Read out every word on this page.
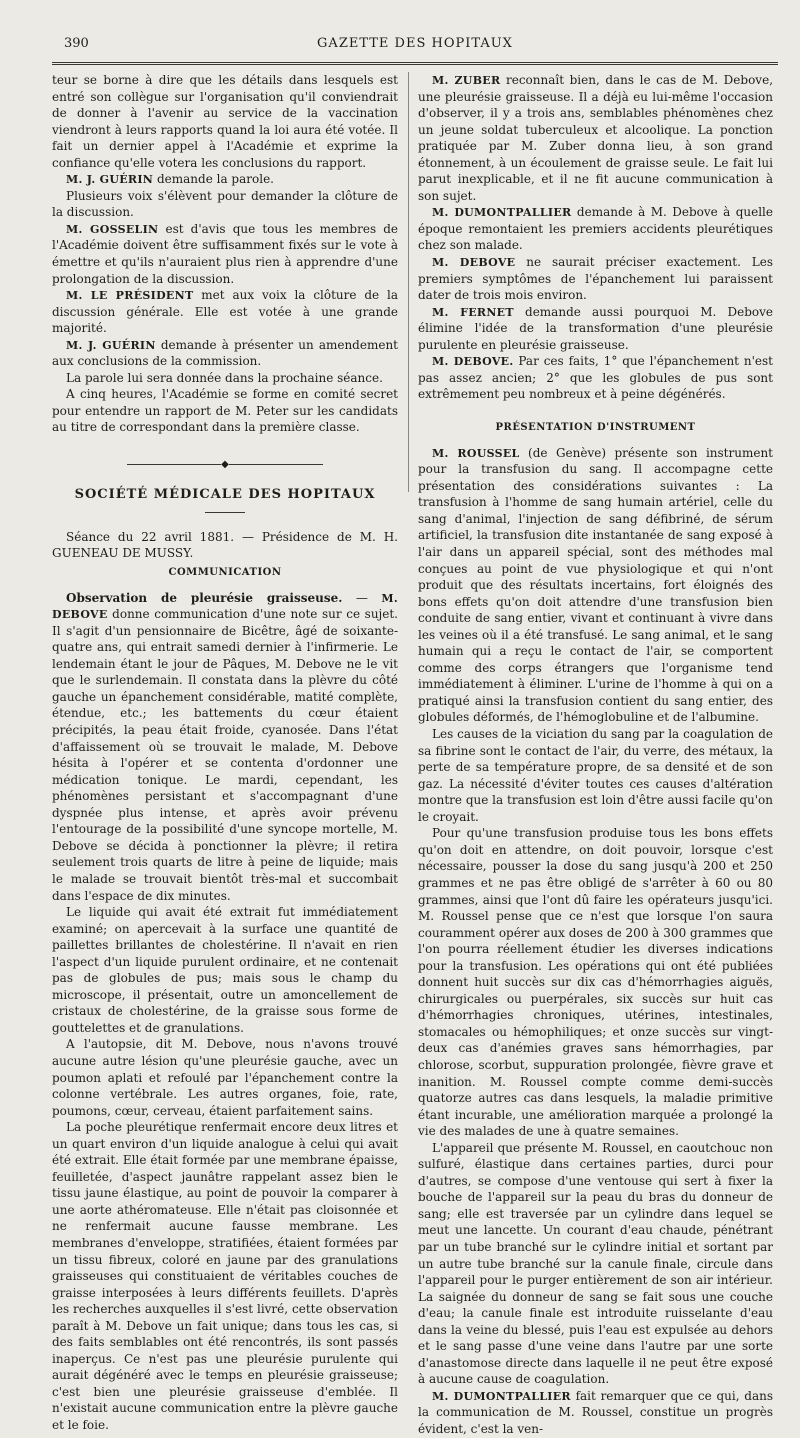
390	GAZETTE DES HOPITAUX

teur se borne à dire que les détails dans lesquels est entré son collègue sur l'organisation qu'il conviendrait de donner à l'avenir au service de la vaccination viendront à leurs rapports quand la loi aura été votée. Il fait un dernier appel à l'Académie et exprime la confiance qu'elle votera les conclusions du rapport.

M. J. GUÉRIN demande la parole.

Plusieurs voix s'élèvent pour demander la clôture de la discussion.

M. GOSSELIN est d'avis que tous les membres de l'Académie doivent être suffisamment fixés sur le vote à émettre et qu'ils n'auraient plus rien à apprendre d'une prolongation de la discussion.

M. LE PRÉSIDENT met aux voix la clôture de la discussion générale. Elle est votée à une grande majorité.

M. J. GUÉRIN demande à présenter un amendement aux conclusions de la commission.

La parole lui sera donnée dans la prochaine séance.

A cinq heures, l'Académie se forme en comité secret pour entendre un rapport de M. Peter sur les candidats au titre de correspondant dans la première classe.

◆
SOCIÉTÉ MÉDICALE DES HOPITAUX

Séance du 22 avril 1881. — Présidence de M. H. GUENEAU DE MUSSY.

COMMUNICATION

Observation de pleurésie graisseuse. — M. DEBOVE donne communication d'une note sur ce sujet. Il s'agit d'un pensionnaire de Bicêtre, âgé de soixante-quatre ans, qui entrait samedi dernier à l'infirmerie. Le lendemain étant le jour de Pâques, M. Debove ne le vit que le surlendemain. Il constata dans la plèvre du côté gauche un épanchement considérable, matité complète, étendue, etc.; les battements du cœur étaient précipités, la peau était froide, cyanosée. Dans l'état d'affaissement où se trouvait le malade, M. Debove hésita à l'opérer et se contenta d'ordonner une médication tonique. Le mardi, cependant, les phénomènes persistant et s'accompagnant d'une dyspnée plus intense, et après avoir prévenu l'entourage de la possibilité d'une syncope mortelle, M. Debove se décida à ponctionner la plèvre; il retira seulement trois quarts de litre à peine de liquide; mais le malade se trouvait bientôt très-mal et succombait dans l'espace de dix minutes.

Le liquide qui avait été extrait fut immédiatement examiné; on apercevait à la surface une quantité de paillettes brillantes de cholestérine. Il n'avait en rien l'aspect d'un liquide purulent ordinaire, et ne contenait pas de globules de pus; mais sous le champ du microscope, il présentait, outre un amoncellement de cristaux de cholestérine, de la graisse sous forme de gouttelettes et de granulations.

A l'autopsie, dit M. Debove, nous n'avons trouvé aucune autre lésion qu'une pleurésie gauche, avec un poumon aplati et refoulé par l'épanchement contre la colonne vertébrale. Les autres organes, foie, rate, poumons, cœur, cerveau, étaient parfaitement sains.

La poche pleurétique renfermait encore deux litres et un quart environ d'un liquide analogue à celui qui avait été extrait. Elle était formée par une membrane épaisse, feuilletée, d'aspect jaunâtre rappelant assez bien le tissu jaune élastique, au point de pouvoir la comparer à une aorte athéromateuse. Elle n'était pas cloisonnée et ne renfermait aucune fausse membrane. Les membranes d'enveloppe, stratifiées, étaient formées par un tissu fibreux, coloré en jaune par des granulations graisseuses qui constituaient de véritables couches de graisse interposées à leurs différents feuillets. D'après les recherches auxquelles il s'est livré, cette observation paraît à M. Debove un fait unique; dans tous les cas, si des faits semblables ont été rencontrés, ils sont passés inaperçus. Ce n'est pas une pleurésie purulente qui aurait dégénéré avec le temps en pleurésie graisseuse; c'est bien une pleurésie graisseuse d'emblée. Il n'existait aucune communication entre la plèvre gauche et le foie.

M. ZUBER reconnaît bien, dans le cas de M. Debove, une pleurésie graisseuse. Il a déjà eu lui-même l'occasion d'observer, il y a trois ans, semblables phénomènes chez un jeune soldat tuberculeux et alcoolique. La ponction pratiquée par M. Zuber donna lieu, à son grand étonnement, à un écoulement de graisse seule. Le fait lui parut inexplicable, et il ne fit aucune communication à son sujet.

M. DUMONTPALLIER demande à M. Debove à quelle époque remontaient les premiers accidents pleurétiques chez son malade.

M. DEBOVE ne saurait préciser exactement. Les premiers symptômes de l'épanchement lui paraissent dater de trois mois environ.

M. FERNET demande aussi pourquoi M. Debove élimine l'idée de la transformation d'une pleurésie purulente en pleurésie graisseuse.

M. DEBOVE. Par ces faits, 1° que l'épanchement n'est pas assez ancien; 2° que les globules de pus sont extrêmement peu nombreux et à peine dégénérés.

PRÉSENTATION D'INSTRUMENT

M. ROUSSEL (de Genève) présente son instrument pour la transfusion du sang. Il accompagne cette présentation des considérations suivantes : La transfusion à l'homme de sang humain artériel, celle du sang d'animal, l'injection de sang défibriné, de sérum artificiel, la transfusion dite instantanée de sang exposé à l'air dans un appareil spécial, sont des méthodes mal conçues au point de vue physiologique et qui n'ont produit que des résultats incertains, fort éloignés des bons effets qu'on doit attendre d'une transfusion bien conduite de sang entier, vivant et continuant à vivre dans les veines où il a été transfusé. Le sang animal, et le sang humain qui a reçu le contact de l'air, se comportent comme des corps étrangers que l'organisme tend immédiatement à éliminer. L'urine de l'homme à qui on a pratiqué ainsi la transfusion contient du sang entier, des globules déformés, de l'hémoglobuline et de l'albumine.

Les causes de la viciation du sang par la coagulation de sa fibrine sont le contact de l'air, du verre, des métaux, la perte de sa température propre, de sa densité et de son gaz. La nécessité d'éviter toutes ces causes d'altération montre que la transfusion est loin d'être aussi facile qu'on le croyait.

Pour qu'une transfusion produise tous les bons effets qu'on doit en attendre, on doit pouvoir, lorsque c'est nécessaire, pousser la dose du sang jusqu'à 200 et 250 grammes et ne pas être obligé de s'arrêter à 60 ou 80 grammes, ainsi que l'ont dû faire les opérateurs jusqu'ici. M. Roussel pense que ce n'est que lorsque l'on saura couramment opérer aux doses de 200 à 300 grammes que l'on pourra réellement étudier les diverses indications pour la transfusion. Les opérations qui ont été publiées donnent huit succès sur dix cas d'hémorrhagies aiguës, chirurgicales ou puerpérales, six succès sur huit cas d'hémorrhagies chroniques, utérines, intestinales, stomacales ou hémophiliques; et onze succès sur vingt-deux cas d'anémies graves sans hémorrhagies, par chlorose, scorbut, suppuration prolongée, fièvre grave et inanition. M. Roussel compte comme demi-succès quatorze autres cas dans lesquels, la maladie primitive étant incurable, une amélioration marquée a prolongé la vie des malades de une à quatre semaines.

L'appareil que présente M. Roussel, en caoutchouc non sulfuré, élastique dans certaines parties, durci pour d'autres, se compose d'une ventouse qui sert à fixer la bouche de l'appareil sur la peau du bras du donneur de sang; elle est traversée par un cylindre dans lequel se meut une lancette. Un courant d'eau chaude, pénétrant par un tube branché sur le cylindre initial et sortant par un autre tube branché sur la canule finale, circule dans l'appareil pour le purger entièrement de son air intérieur. La saignée du donneur de sang se fait sous une couche d'eau; la canule finale est introduite ruisselante d'eau dans la veine du blessé, puis l'eau est expulsée au dehors et le sang passe d'une veine dans l'autre par une sorte d'anastomose directe dans laquelle il ne peut être exposé à aucune cause de coagulation.

M. DUMONTPALLIER fait remarquer que ce qui, dans la communication de M. Roussel, constitue un progrès évident, c'est la ven-
